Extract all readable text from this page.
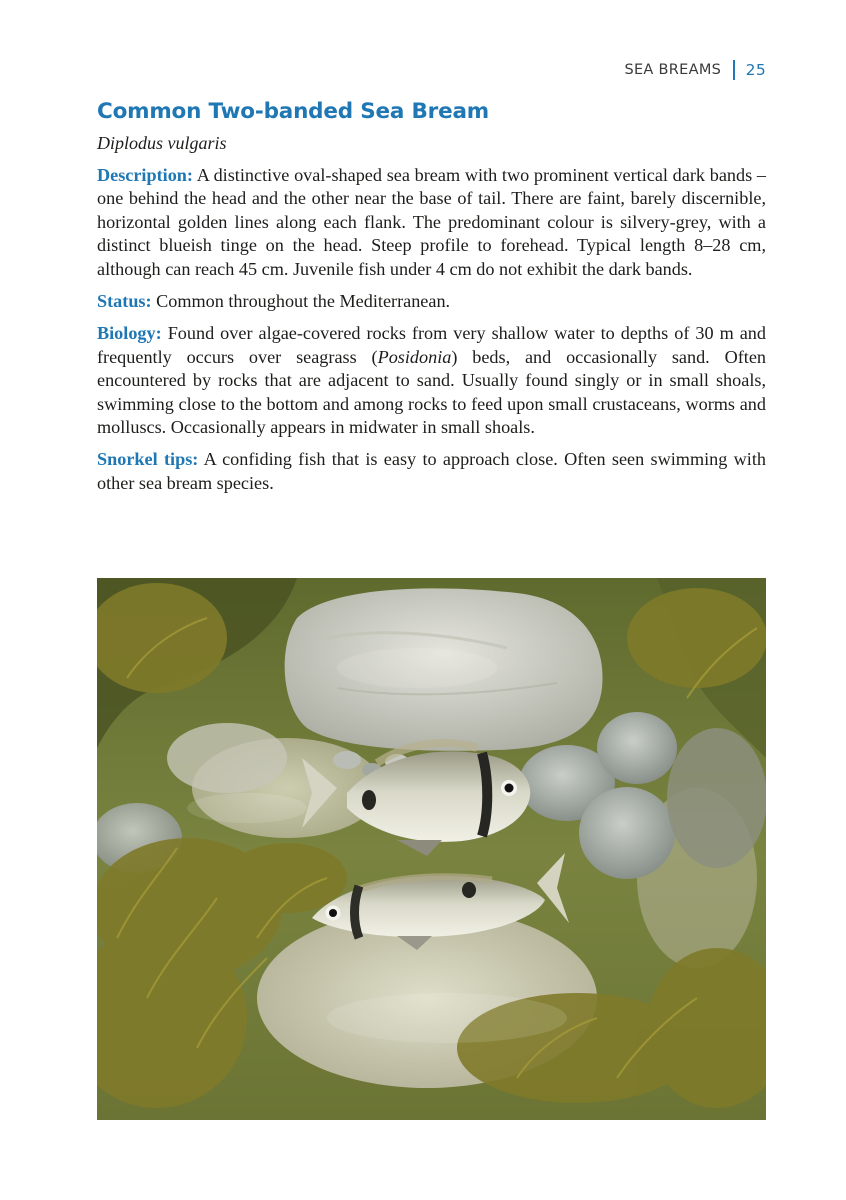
SEA BREAMS 25
Common Two-banded Sea Bream
Diplodus vulgaris

Description: A distinctive oval-shaped sea bream with two prominent vertical dark bands – one behind the head and the other near the base of tail. There are faint, barely discernible, horizontal golden lines along each flank. The predominant colour is silvery-grey, with a distinct blueish tinge on the head. Steep profile to forehead. Typical length 8–28 cm, although can reach 45 cm. Juvenile fish under 4 cm do not exhibit the dark bands.

Status: Common throughout the Mediterranean.

Biology: Found over algae-covered rocks from very shallow water to depths of 30 m and frequently occurs over seagrass (Posidonia) beds, and occasionally sand. Often encountered by rocks that are adjacent to sand. Usually found singly or in small shoals, swimming close to the bottom and among rocks to feed upon small crustaceans, worms and molluscs. Occasionally appears in midwater in small shoals.

Snorkel tips: A confiding fish that is easy to approach close. Often seen swimming with other sea bream species.
